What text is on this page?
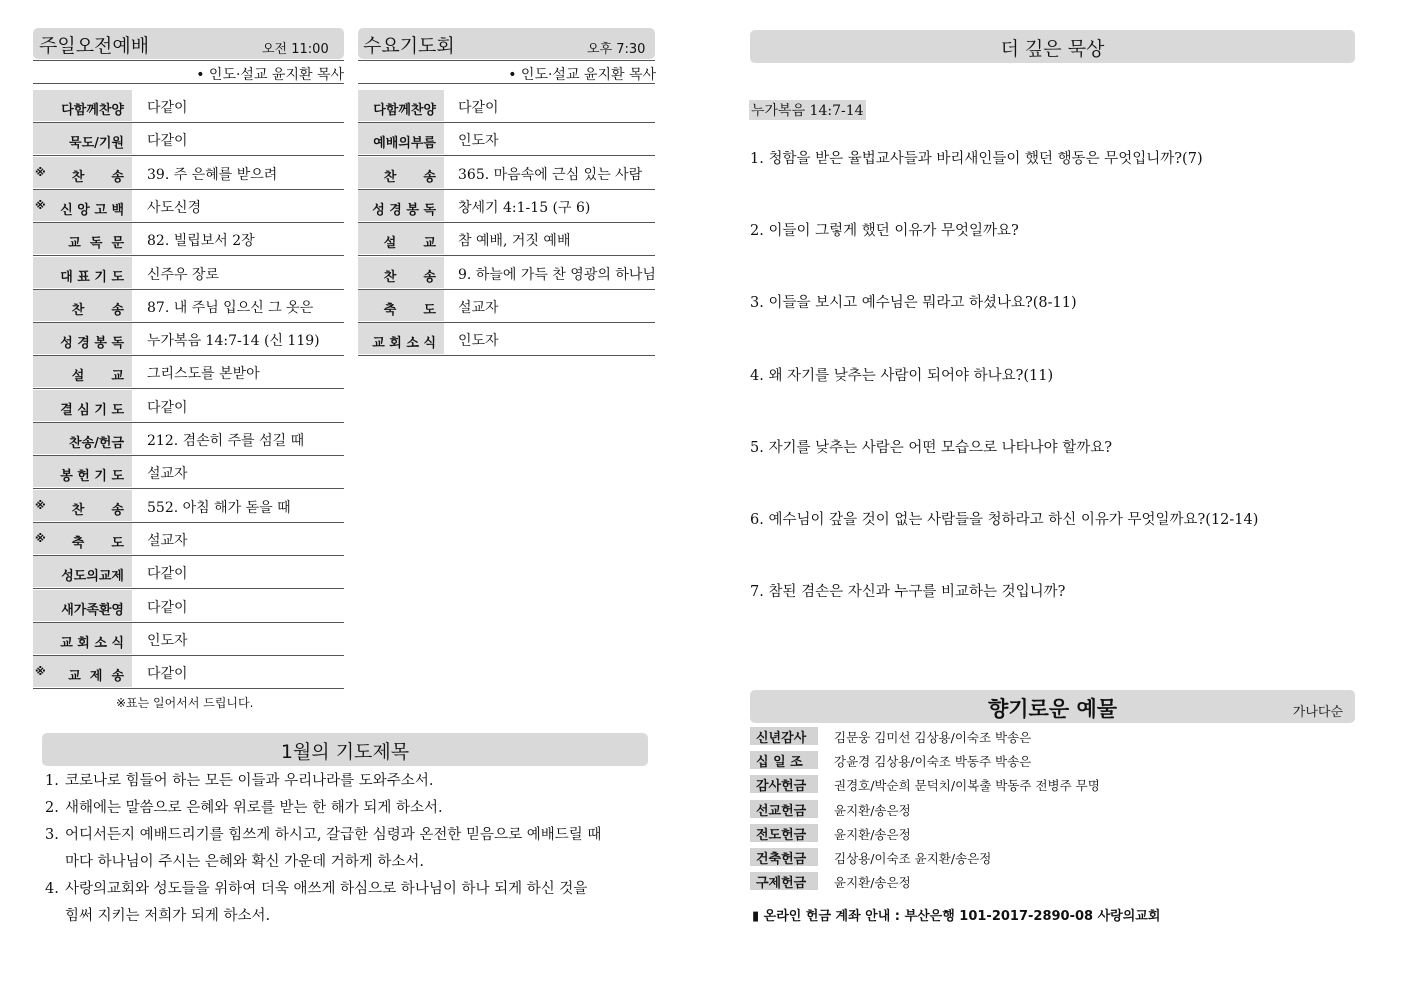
주일오전예배	오전 11:00
• 인도·설교 윤지환 목사
다함께찬양 다같이
묵도/기원 다같이
※ 찬      송 39. 주 은혜를 받으려
※ 신 앙 고 백 사도신경
교  독  문 82. 빌립보서 2장
대 표 기 도 신주우 장로
찬      송 87. 내 주님 입으신 그 옷은
성 경 봉 독 누가복음 14:7-14 (신 119)
설      교 그리스도를 본받아
결 심 기 도 다같이
찬송/헌금 212. 겸손히 주를 섬길 때
봉 헌 기 도 설교자
※ 찬      송 552. 아침 해가 돋을 때
※ 축      도 설교자
성도의교제 다같이
새가족환영 다같이
교 회 소 식 인도자
※ 교  제  송 다같이
※표는 일어서서 드립니다.
수요기도회	오후 7:30
• 인도·설교 윤지환 목사
다함께찬양 다같이
예배의부름 인도자
찬      송 365. 마음속에 근심 있는 사람
성 경 봉 독 창세기 4:1-15 (구 6)
설      교 참 예배, 거짓 예배
찬      송 9. 하늘에 가득 찬 영광의 하나님
축      도 설교자
교 회 소 식 인도자
1월의 기도제목
1. 코로나로 힘들어 하는 모든 이들과 우리나라를 도와주소서.
2. 새해에는 말씀으로 은혜와 위로를 받는 한 해가 되게 하소서.
3. 어디서든지 예배드리기를 힘쓰게 하시고, 갈급한 심령과 온전한 믿음으로 예배드릴 때
마다 하나님이 주시는 은혜와 확신 가운데 거하게 하소서.
4. 사랑의교회와 성도들을 위하여 더욱 애쓰게 하심으로 하나님이 하나 되게 하신 것을
힘써 지키는 저희가 되게 하소서.
더 깊은 묵상
누가복음 14:7-14
1. 청함을 받은 율법교사들과 바리새인들이 했던 행동은 무엇입니까?(7)
2. 이들이 그렇게 했던 이유가 무엇일까요?
3. 이들을 보시고 예수님은 뭐라고 하셨나요?(8-11)
4. 왜 자기를 낮추는 사람이 되어야 하나요?(11)
5. 자기를 낮추는 사람은 어떤 모습으로 나타나야 할까요?
6. 예수님이 갚을 것이 없는 사람들을 청하라고 하신 이유가 무엇일까요?(12-14)
7. 참된 겸손은 자신과 누구를 비교하는 것입니까?
향기로운 예물	가나다순
신년감사 김문웅 김미선 김상용/이숙조 박송은
십 일 조	강윤경 김상용/이숙조 박동주 박송은
감사헌금 권경호/박순희 문덕치/이복출 박동주 전병주 무명
선교헌금 윤지환/송은정
전도헌금 윤지환/송은정
건축헌금 김상용/이숙조 윤지환/송은정
구제헌금 윤지환/송은정
▮ 온라인 헌금 계좌 안내 : 부산은행 101-2017-2890-08 사랑의교회
